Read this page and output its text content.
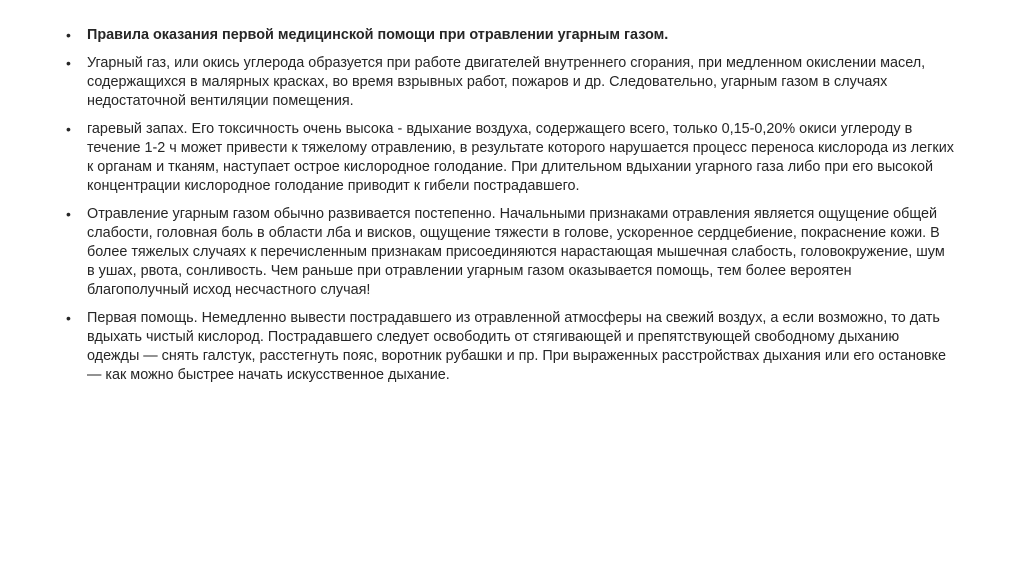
•	Правила оказания первой медицинской помощи при отравлении угарным газом.
•	Угарный газ, или окись углерода образуется при работе двигателей внутреннего сгорания, при медленном окислении масел, содержащихся в малярных красках, во время взрывных работ, пожаров и др. Следовательно, угарным газом в случаях недостаточной вентиляции помещения.
•	гаревый запах. Его токсичность очень высока - вдыхание воздуха, содержащего всего, только 0,15-0,20% окиси углероду в течение 1-2 ч может привести к тяжелому отравлению, в результате которого нарушается процесс переноса кислорода из легких к органам и тканям, наступает острое кислородное голодание. При длительном вдыхании угарного газа либо при его высокой концентрации кислородное голодание приводит к гибели пострадавшего.
•	Отравление угарным газом обычно развивается постепенно. Начальными признаками отравления является ощущение общей слабости, головная боль в области лба и висков, ощущение тяжести в голове, ускоренное сердцебиение, покраснение кожи. В более тяжелых случаях к перечисленным признакам присоединяются нарастающая мышечная слабость, головокружение, шум в ушах, рвота, сонливость. Чем раньше при отравлении угарным газом оказывается помощь, тем более вероятен благополучный исход несчастного случая!
•	Первая помощь. Немедленно вывести пострадавшего из отравленной атмосферы на свежий воздух, а если возможно, то дать вдыхать чистый кислород. Пострадавшего следует освободить от стягивающей и препятствующей свободному дыханию одежды — снять галстук, расстегнуть пояс, воротник рубашки и пр. При выраженных расстройствах дыхания или его остановке — как можно быстрее начать искусственное дыхание.
